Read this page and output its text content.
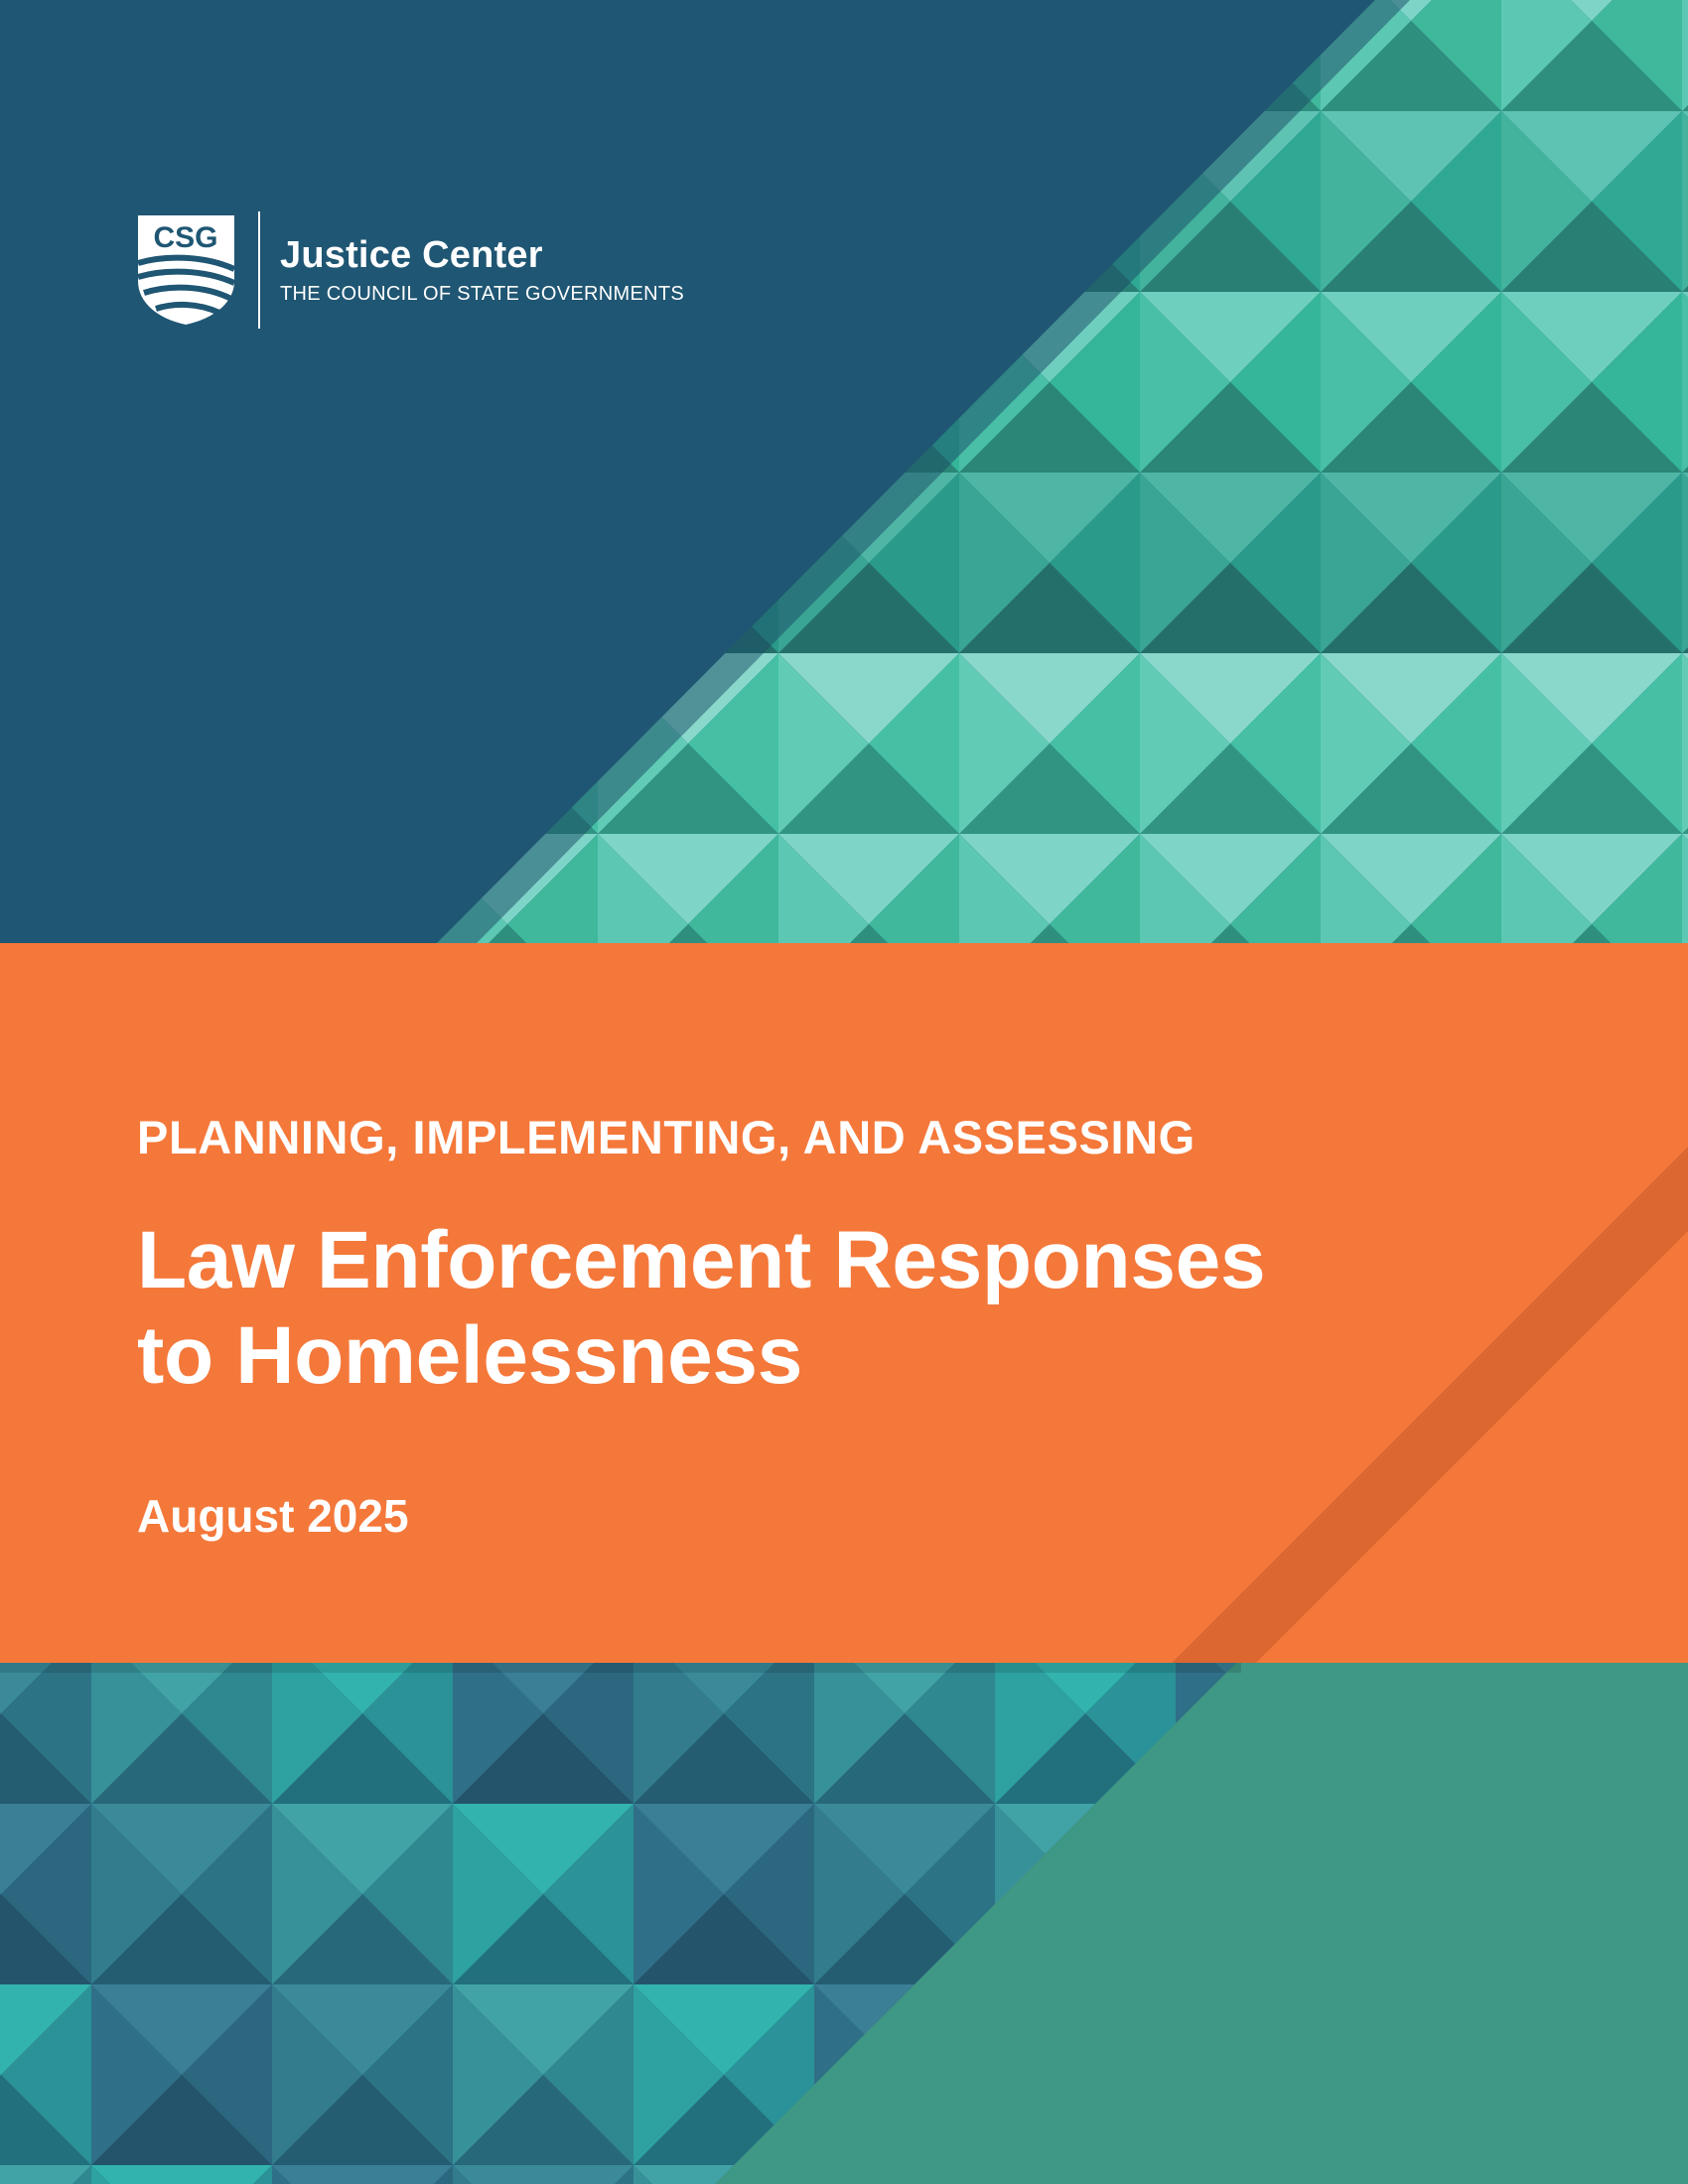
CSG Justice Center
THE COUNCIL OF STATE GOVERNMENTS
PLANNING, IMPLEMENTING, AND ASSESSING
Law Enforcement Responses
to Homelessness
August 2025
